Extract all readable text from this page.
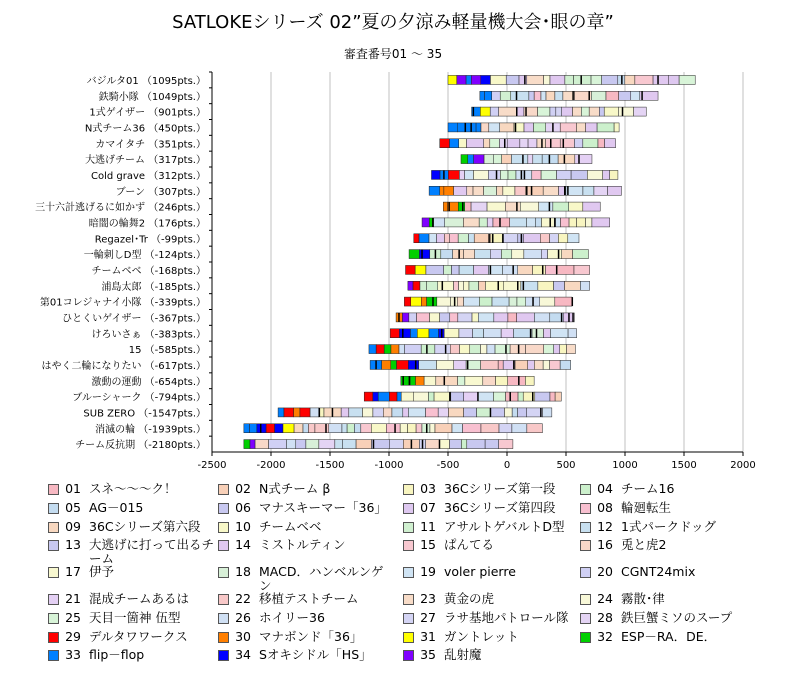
SATLOKEシリーズ 02”夏の夕涼み軽量機大会･眼の章”
審査番号01 ～ 35
-2500	-2000	-1500	-1000	-500	0	500	1000	1500	2000
バジルタ01 （1095pts.）
鉄騎小隊 （1049pts.）
1式ゲイザー （901pts.）
N式チーム36 （450pts.）
カマイタチ （351pts.）
大逃げチーム （317pts.）
Cold grave （312pts.）
ブーン （307pts.）
三十六計逃げるに如かず （246pts.）
暗闇の輪舞2 （176pts.）
Regazel･Tr （-99pts.）
一輪刺しD型 （-124pts.）
チームベベ （-168pts.）
浦島太郎 （-185pts.）
第01コレジャナイ小隊 （-339pts.）
ひとくいゲイザー （-367pts.）
けろいさぁ （-383pts.）
15 （-585pts.）
はやく二輪になりたい （-617pts.）
激動の運動 （-654pts.）
ブルーシャーク （-794pts.）
SUB ZERO （-1547pts.）
消滅の輪 （-1939pts.）
チーム反抗期 （-2180pts.）
01 スネ～～～ク！	02 N式チーム β	03 36Cシリーズ第一段	04 チーム16
05 AG－015	06 マナスキーマー「36」	07 36Cシリーズ第四段	08 輪廻転生
09 36Cシリーズ第六段	10 チームベベ	11 アサルトゲバルトD型	12 1式パークドッグ
13 大逃げに打って出るチーム
14 ミストルティン	15 ぱんてる	16 兎と虎2
17 伊予	18 MACD．ハンベルンゲン
19 voler pierre	20 CGNT24mix
21 混成チームあるは	22 移植テストチーム	23 黄金の虎	24 霧散･律
25 天目一箇神 伍型	26 ホイリー36	27 ラサ基地パトロール隊	28 鉄巨蟹ミソのスープ
29 デルタワワークス	30 マナボンド「36」	31 ガントレット	32 ESP－RA．DE．
33 flip－flop	34 Sオキシドル「HS」	35 乱射魔
